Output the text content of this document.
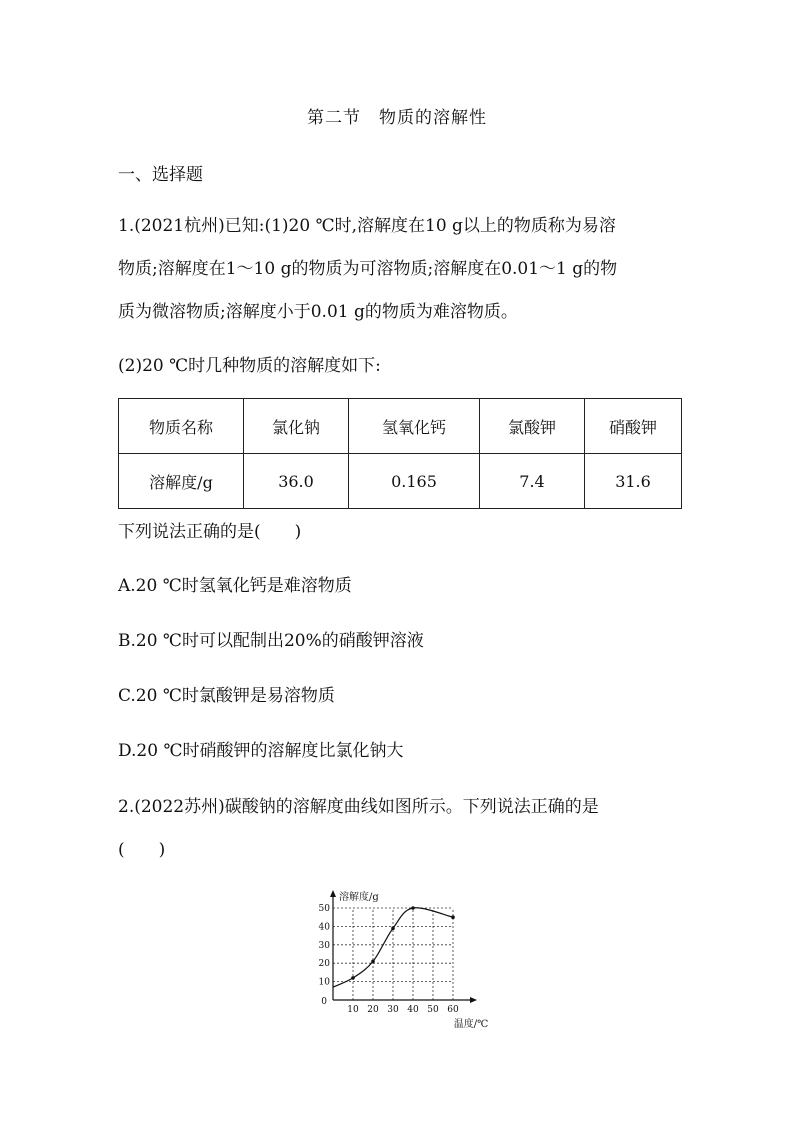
第二节　物质的溶解性
一、选择题
1.(2021杭州)已知:(1)20 ℃时,溶解度在10 g以上的物质称为易溶
物质;溶解度在1～10 g的物质为可溶物质;溶解度在0.01～1 g的物
质为微溶物质;溶解度小于0.01 g的物质为难溶物质。
(2)20 ℃时几种物质的溶解度如下:
物质名称	氯化钠	氢氧化钙	氯酸钾	硝酸钾
溶解度/g	36.0	0.165	7.4	31.6
下列说法正确的是(　　)
A.20 ℃时氢氧化钙是难溶物质
B.20 ℃时可以配制出20%的硝酸钾溶液
C.20 ℃时氯酸钾是易溶物质
D.20 ℃时硝酸钾的溶解度比氯化钠大
2.(2022苏州)碳酸钠的溶解度曲线如图所示。下列说法正确的是
(　　)
10 20 30 40 50 60
10
20
30
40
50
0
溶解度/g
温度/℃
